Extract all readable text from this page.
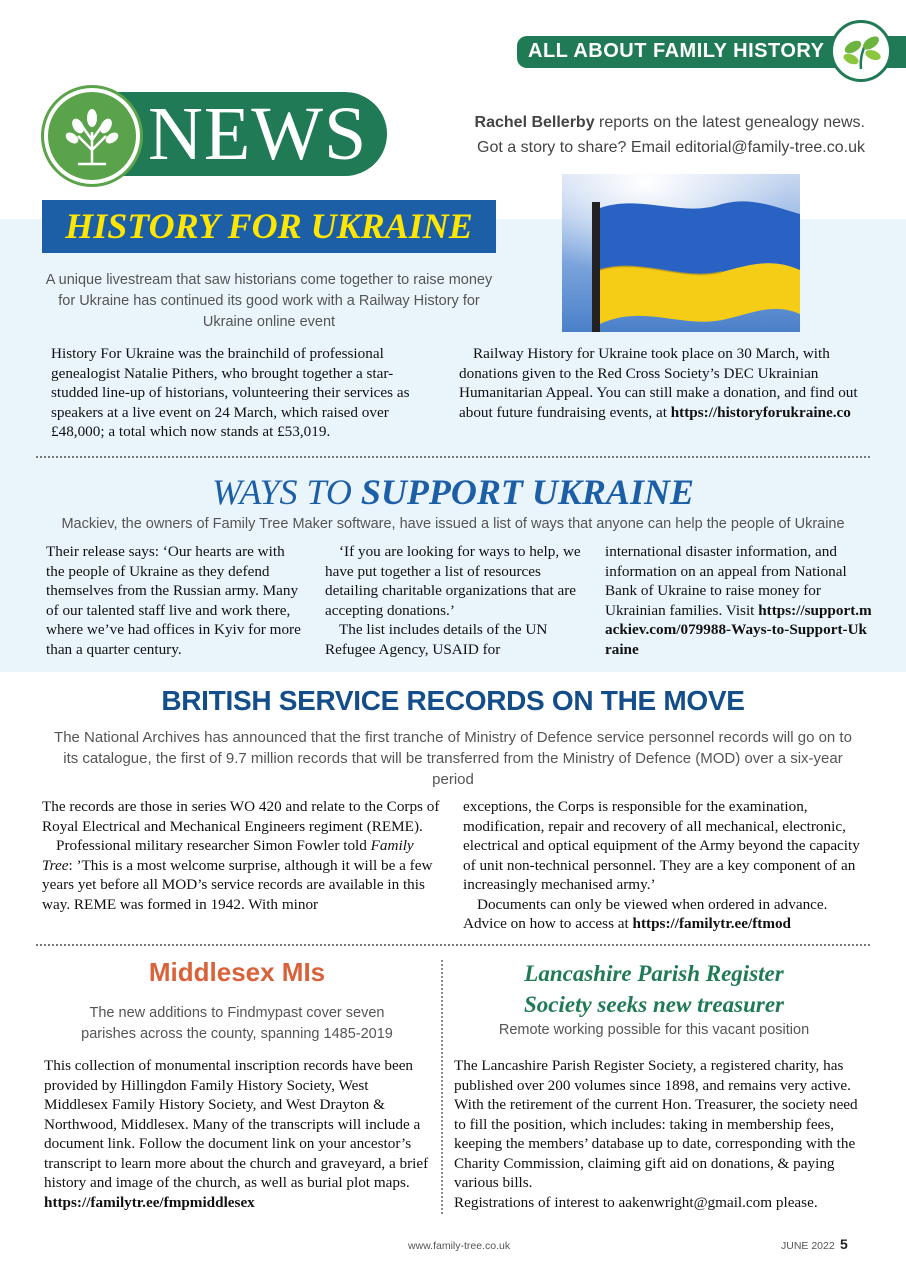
ALL ABOUT FAMILY HISTORY
NEWS	Rachel Bellerby reports on the latest genealogy news.
Got a story to share? Email editorial@family-tree.co.uk
HISTORY FOR UKRAINE
A unique livestream that saw historians come together to raise money for Ukraine has continued its good work with a Railway History for Ukraine online event
History For Ukraine was the brainchild of professional genealogist Natalie Pithers, who brought together a star-studded line-up of historians, volunteering their services as speakers at a live event on 24 March, which raised over £48,000; a total which now stands at £53,019.
Railway History for Ukraine took place on 30 March, with donations given to the Red Cross Society’s DEC Ukrainian Humanitarian Appeal. You can still make a donation, and find out about future fundraising events, at https://historyforukraine.co
WAYS TO SUPPORT UKRAINE
Mackiev, the owners of Family Tree Maker software, have issued a list of ways that anyone can help the people of Ukraine
Their release says: ‘Our hearts are with the people of Ukraine as they defend themselves from the Russian army. Many of our talented staff live and work there, where we’ve had offices in Kyiv for more than a quarter century.
‘If you are looking for ways to help, we have put together a list of resources detailing charitable organizations that are accepting donations.’
The list includes details of the UN Refugee Agency, USAID for
international disaster information, and information on an appeal from National Bank of Ukraine to raise money for Ukrainian families. Visit https://support.mackiev.com/079988-Ways-to-Support-Ukraine
BRITISH SERVICE RECORDS ON THE MOVE
The National Archives has announced that the first tranche of Ministry of Defence service personnel records will go on to its catalogue, the first of 9.7 million records that will be transferred from the Ministry of Defence (MOD) over a six-year period
The records are those in series WO 420 and relate to the Corps of Royal Electrical and Mechanical Engineers regiment (REME).
Professional military researcher Simon Fowler told Family Tree: ’This is a most welcome surprise, although it will be a few years yet before all MOD’s service records are available in this way. REME was formed in 1942. With minor
exceptions, the Corps is responsible for the examination, modification, repair and recovery of all mechanical, electronic, electrical and optical equipment of the Army beyond the capacity of unit non-technical personnel. They are a key component of an increasingly mechanised army.’
Documents can only be viewed when ordered in advance. Advice on how to access at https://familytr.ee/ftmod
Middlesex MIs
The new additions to Findmypast cover seven parishes across the county, spanning 1485-2019
This collection of monumental inscription records have been provided by Hillingdon Family History Society, West Middlesex Family History Society, and West Drayton & Northwood, Middlesex. Many of the transcripts will include a document link. Follow the document link on your ancestor’s transcript to learn more about the church and graveyard, a brief history and image of the church, as well as burial plot maps. https://familytr.ee/fmpmiddlesex
Lancashire Parish Register
Society seeks new treasurer
Remote working possible for this vacant position
The Lancashire Parish Register Society, a registered charity, has published over 200 volumes since 1898, and remains very active. With the retirement of the current Hon. Treasurer, the society need to fill the position, which includes: taking in membership fees, keeping the members’ database up to date, corresponding with the Charity Commission, claiming gift aid on donations, & paying various bills.
Registrations of interest to aakenwright@gmail.com please.
www.family-tree.co.uk	JUNE 2022 5
